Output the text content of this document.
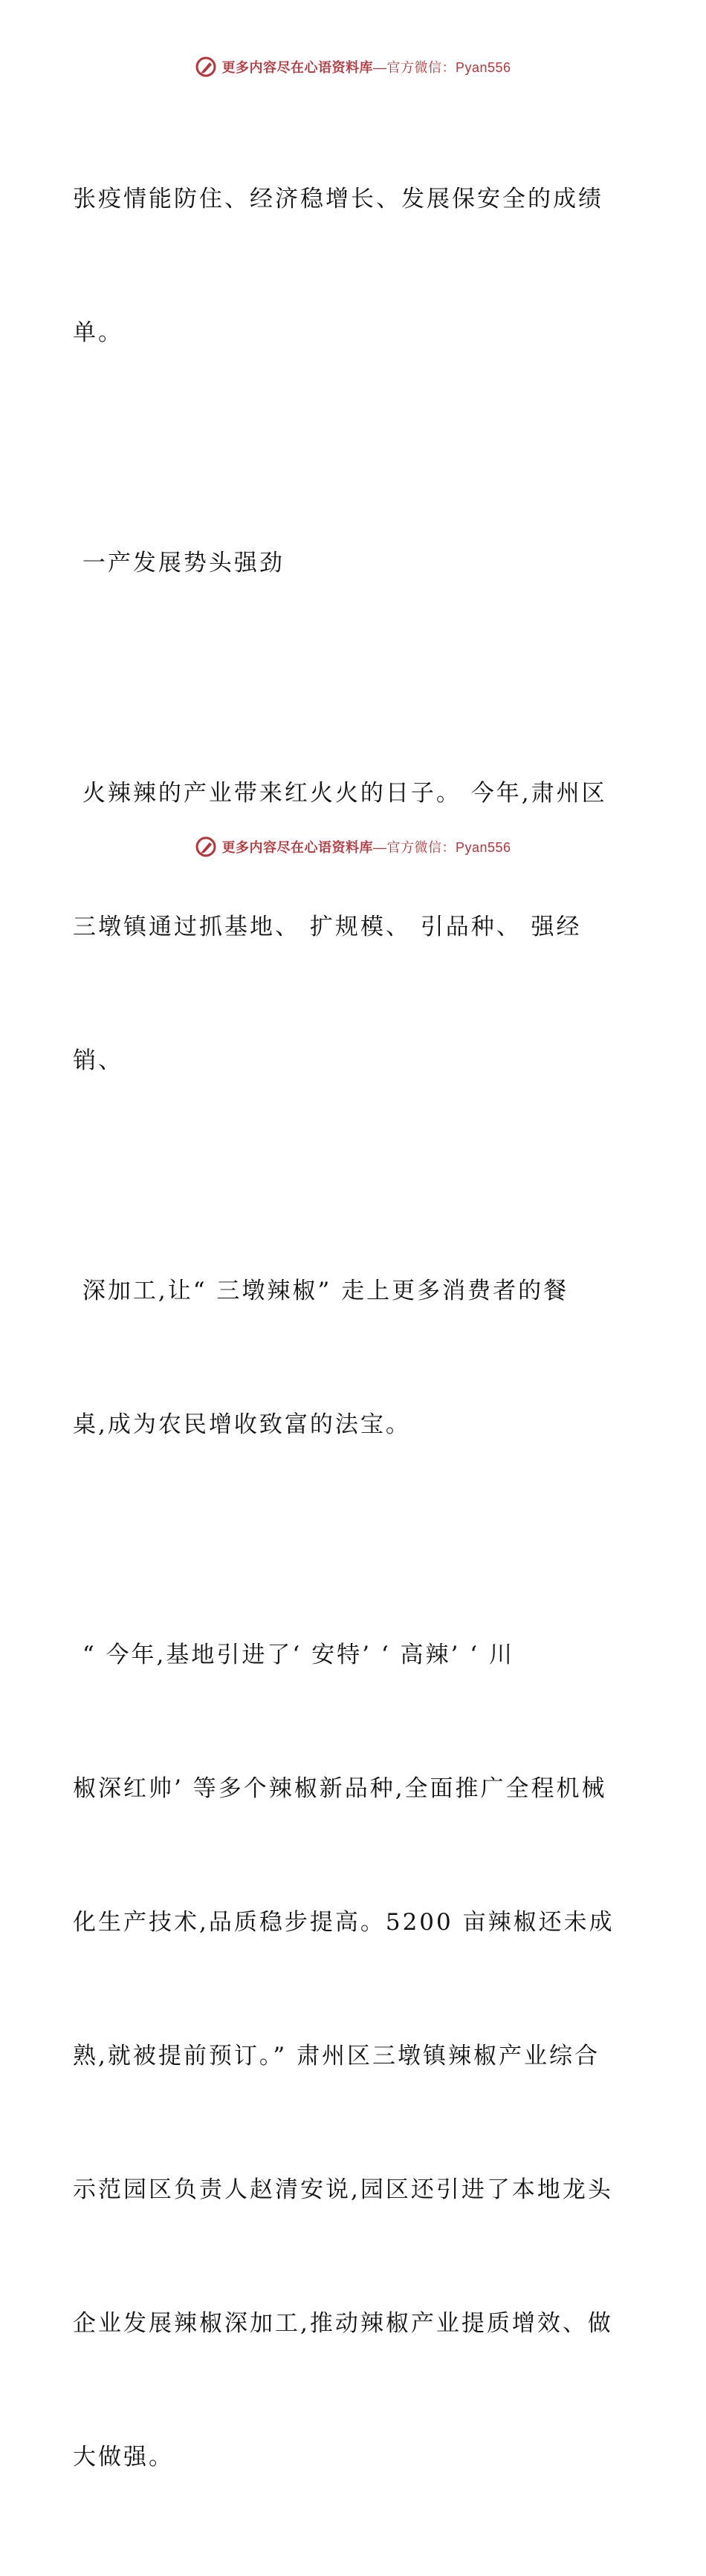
更多内容尽在心语资料库—官方微信：Pyan556

张疫情能防住、经济稳增长、发展保安全的成绩

单。

一产发展势头强劲

火辣辣的产业带来红火火的日子。 今年,肃州区

三墩镇通过抓基地、 扩规模、 引品种、 强经

销、

深加工,让“ 三墩辣椒” 走上更多消费者的餐

桌,成为农民增收致富的法宝。

“ 今年,基地引进了‘ 安特’ ‘ 高辣’ ‘ 川

椒深红帅’ 等多个辣椒新品种,全面推广全程机械

化生产技术,品质稳步提高。5200 亩辣椒还未成

熟,就被提前预订。” 肃州区三墩镇辣椒产业综合

示范园区负责人赵清安说,园区还引进了本地龙头

企业发展辣椒深加工,推动辣椒产业提质增效、做

大做强。

更多内容尽在心语资料库—官方微信：Pyan556
